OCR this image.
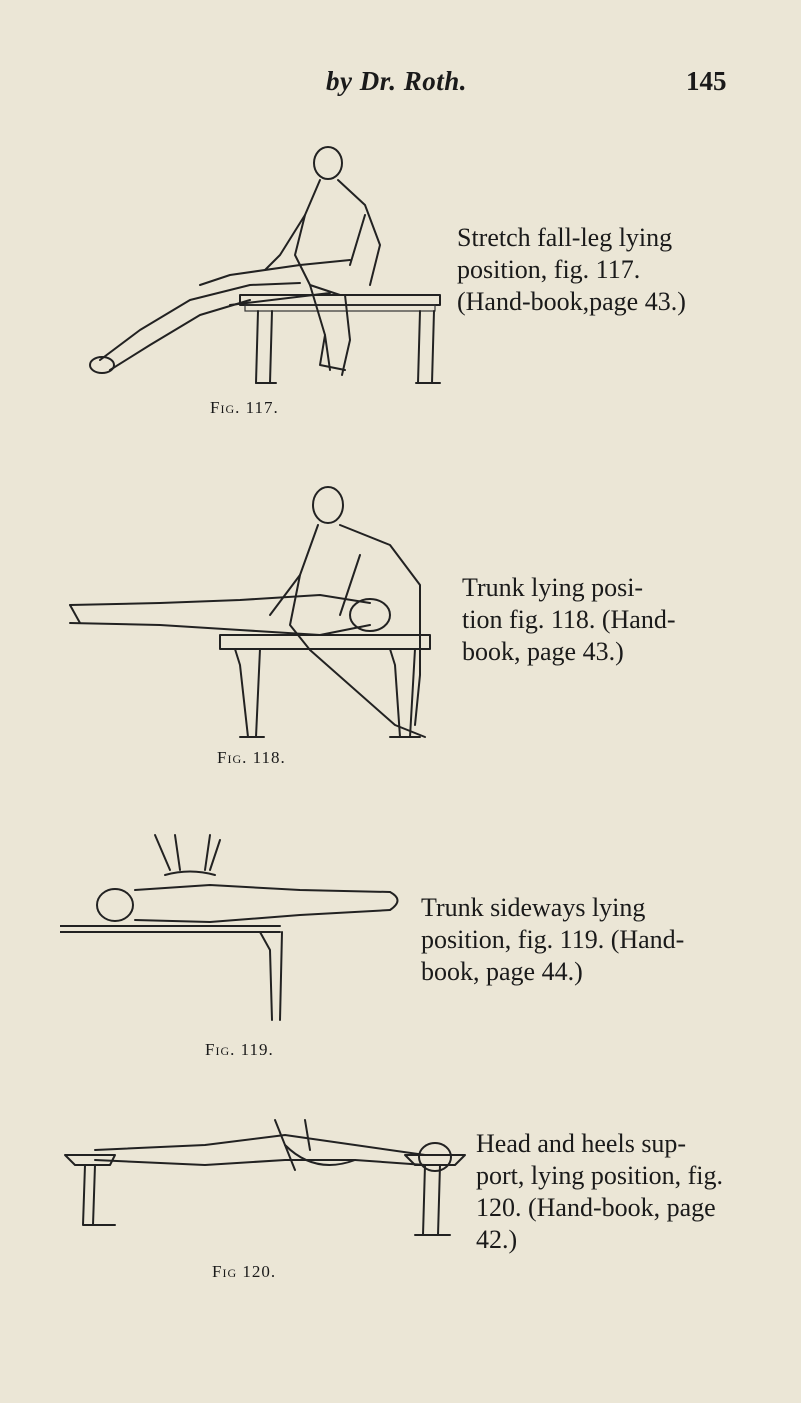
by Dr. Roth.	145
Stretch fall-leg lying
position, fig. 117.
(Hand-book,page 43.)
Fig. 117.
Trunk lying posi-
tion fig. 118. (Hand-
book, page 43.)
Fig. 118.
Trunk sideways lying
position, fig. 119. (Hand-
book, page 44.)
Fig. 119.
Head and heels sup-
port, lying position, fig.
120. (Hand-book, page
42.)
Fig 120.
